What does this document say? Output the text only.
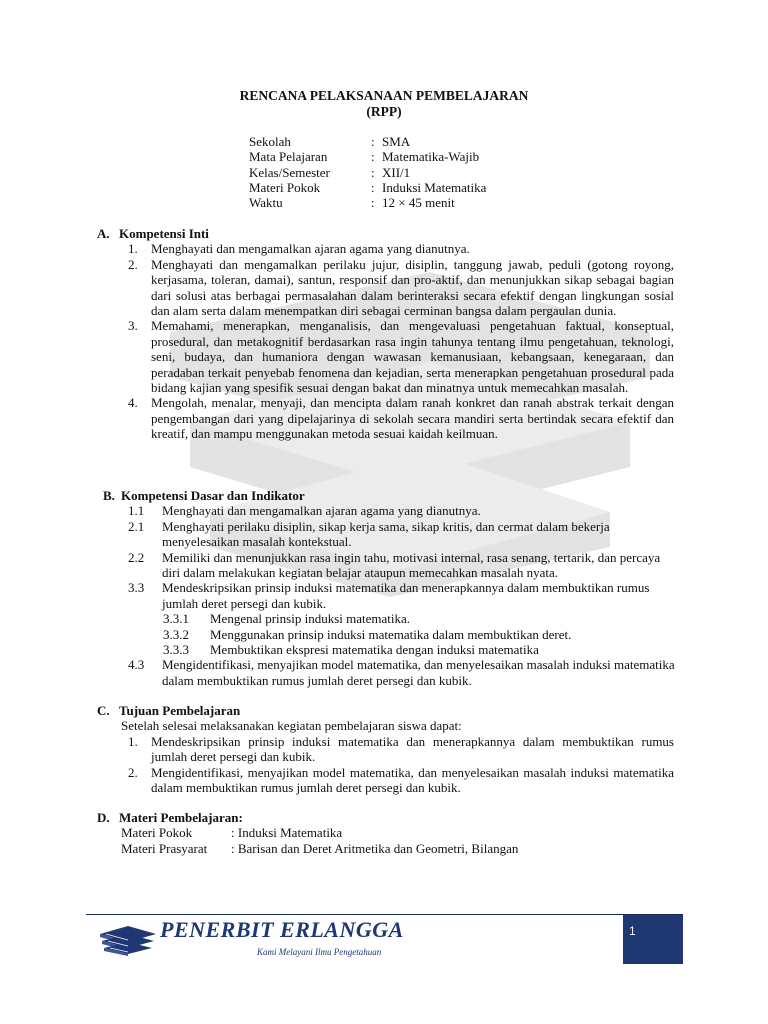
RENCANA PELAKSANAAN PEMBELAJARAN
(RPP)
Sekolah	: SMA
Mata Pelajaran	: Matematika-Wajib
Kelas/Semester	: XII/1
Materi Pokok	: Induksi Matematika
Waktu	: 12 × 45 menit
A. Kompetensi Inti
1.	Menghayati dan mengamalkan ajaran agama yang dianutnya.
2.	Menghayati dan mengamalkan perilaku jujur, disiplin, tanggung jawab, peduli (gotong royong, kerjasama, toleran, damai), santun, responsif dan pro-aktif, dan menunjukkan sikap sebagai bagian dari solusi atas berbagai permasalahan dalam berinteraksi secara efektif dengan lingkungan sosial dan alam serta dalam menempatkan diri sebagai cerminan bangsa dalam pergaulan dunia.
3.	Memahami, menerapkan, menganalisis, dan mengevaluasi pengetahuan faktual, konseptual, prosedural, dan metakognitif berdasarkan rasa ingin tahunya tentang ilmu pengetahuan, teknologi, seni, budaya, dan humaniora dengan wawasan kemanusiaan, kebangsaan, kenegaraan, dan peradaban terkait penyebab fenomena dan kejadian, serta menerapkan pengetahuan prosedural pada bidang kajian yang spesifik sesuai dengan bakat dan minatnya untuk memecahkan masalah.
4.	Mengolah, menalar, menyaji, dan mencipta dalam ranah konkret dan ranah abstrak terkait dengan pengembangan dari yang dipelajarinya di sekolah secara mandiri serta bertindak secara efektif dan kreatif, dan mampu menggunakan metoda sesuai kaidah keilmuan.
B. Kompetensi Dasar dan Indikator
1.1	Menghayati dan mengamalkan ajaran agama yang dianutnya.
2.1	Menghayati perilaku disiplin, sikap kerja sama, sikap kritis, dan cermat dalam bekerja menyelesaikan masalah kontekstual.
2.2	Memiliki dan menunjukkan rasa ingin tahu, motivasi internal, rasa senang, tertarik, dan percaya diri dalam melakukan kegiatan belajar ataupun memecahkan masalah nyata.
3.3	Mendeskripsikan prinsip induksi matematika dan menerapkannya dalam membuktikan rumus jumlah deret persegi dan kubik.
3.3.1	Mengenal prinsip induksi matematika.
3.3.2	Menggunakan prinsip induksi matematika dalam membuktikan deret.
3.3.3	Membuktikan ekspresi matematika dengan induksi matematika
4.3	Mengidentifikasi, menyajikan model matematika, dan menyelesaikan masalah induksi matematika dalam membuktikan rumus jumlah deret persegi dan kubik.
C. Tujuan Pembelajaran
Setelah selesai melaksanakan kegiatan pembelajaran siswa dapat:
1.	Mendeskripsikan prinsip induksi matematika dan menerapkannya dalam membuktikan rumus jumlah deret persegi dan kubik.
2.	Mengidentifikasi, menyajikan model matematika, dan menyelesaikan masalah induksi matematika dalam membuktikan rumus jumlah deret persegi dan kubik.
D. Materi Pembelajaran:
Materi Pokok	: Induksi Matematika
Materi Prasyarat	: Barisan dan Deret Aritmetika dan Geometri, Bilangan
PENERBIT ERLANGGA
Kami Melayani Ilmu Pengetahuan
1
